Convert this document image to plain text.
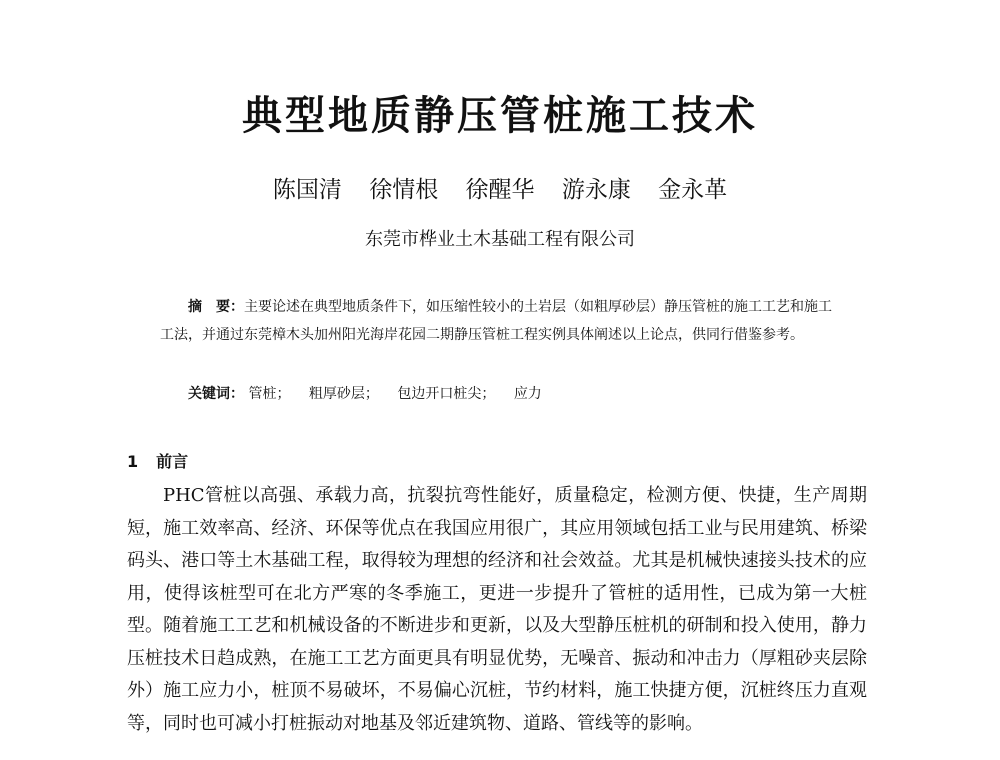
典型地质静压管桩施工技术
陈国清 徐情根 徐醒华 游永康 金永革
东莞市桦业土木基础工程有限公司
摘　要：主要论述在典型地质条件下，如压缩性较小的土岩层（如粗厚砂层）静压管桩的施工工艺和施工工法，并通过东莞樟木头加州阳光海岸花园二期静压管桩工程实例具体阐述以上论点，供同行借鉴参考。
关键词： 管桩； 粗厚砂层； 包边开口桩尖； 应力
1 前言
PHC管桩以高强、承载力高，抗裂抗弯性能好，质量稳定，检测方便、快捷，生产周期短，施工效率高、经济、环保等优点在我国应用很广，其应用领域包括工业与民用建筑、桥梁码头、港口等土木基础工程，取得较为理想的经济和社会效益。尤其是机械快速接头技术的应用，使得该桩型可在北方严寒的冬季施工，更进一步提升了管桩的适用性，已成为第一大桩型。随着施工工艺和机械设备的不断进步和更新，以及大型静压桩机的研制和投入使用，静力压桩技术日趋成熟，在施工工艺方面更具有明显优势，无噪音、振动和冲击力（厚粗砂夹层除外）施工应力小，桩顶不易破坏，不易偏心沉桩，节约材料，施工快捷方便，沉桩终压力直观等，同时也可减小打桩振动对地基及邻近建筑物、道路、管线等的影响。
